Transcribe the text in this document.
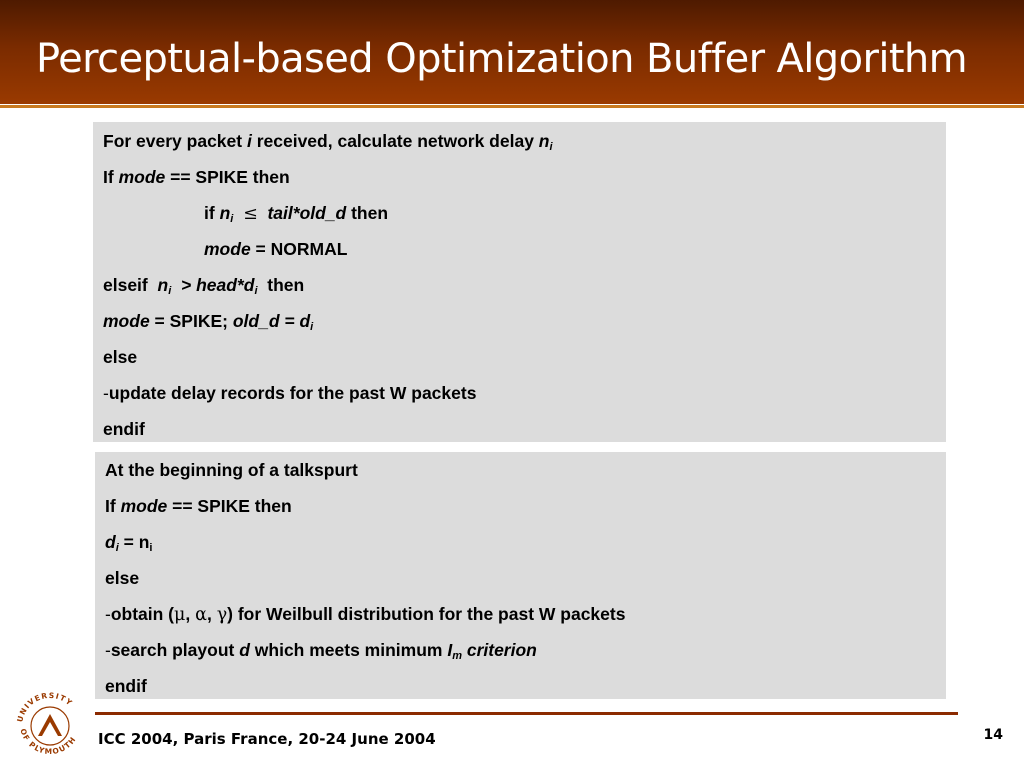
Perceptual-based Optimization Buffer Algorithm
For every packet i received, calculate network delay $n_i$
If mode == SPIKE then
if $n_i$ ≤ tail*old_d then
mode = NORMAL
elseif  $n_i$  > $head*d_i$  then
mode = SPIKE; old_d = $d_i$
else
-update delay records for the past W packets
endif
At the beginning of a talkspurt
If mode == SPIKE then
$d_i = n_i$
else
-obtain (μ, α, γ) for Weilbull distribution for the past W packets
-search playout d which meets minimum $I_m$ criterion
endif
UNIVERSITY
OF PLYMOUTH ICC 2004, Paris France, 20-24 June 2004	14
